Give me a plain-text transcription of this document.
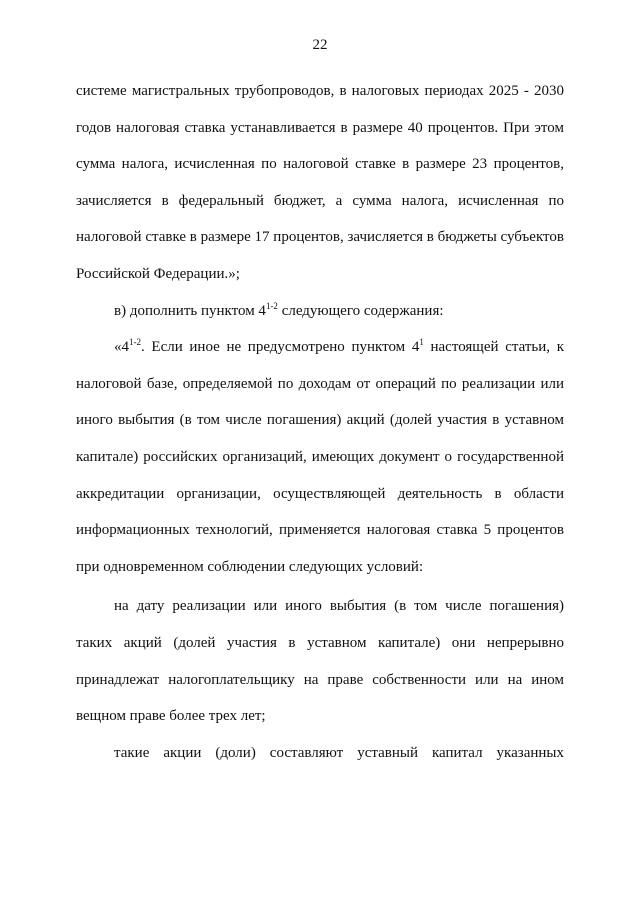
22

системе магистральных трубопроводов, в налоговых периодах 2025 - 2030 годов налоговая ставка устанавливается в размере 40 процентов. При этом сумма налога, исчисленная по налоговой ставке в размере 23 процентов, зачисляется в федеральный бюджет, а сумма налога, исчисленная по налоговой ставке в размере 17 процентов, зачисляется в бюджеты субъектов Российской Федерации.»;

в) дополнить пунктом 4$^{1-2}$ следующего содержания:

«4$^{1-2}$. Если иное не предусмотрено пунктом $4^1$ настоящей статьи, к налоговой базе, определяемой по доходам от операций по реализации или иного выбытия (в том числе погашения) акций (долей участия в уставном капитале) российских организаций, имеющих документ о государственной аккредитации организации, осуществляющей деятельность в области информационных технологий, применяется налоговая ставка 5 процентов при одновременном соблюдении следующих условий:

на дату реализации или иного выбытия (в том числе погашения) таких акций (долей участия в уставном капитале) они непрерывно принадлежат налогоплательщику на праве собственности или на ином вещном праве более трех лет;

такие акции (доли) составляют уставный капитал указанных
